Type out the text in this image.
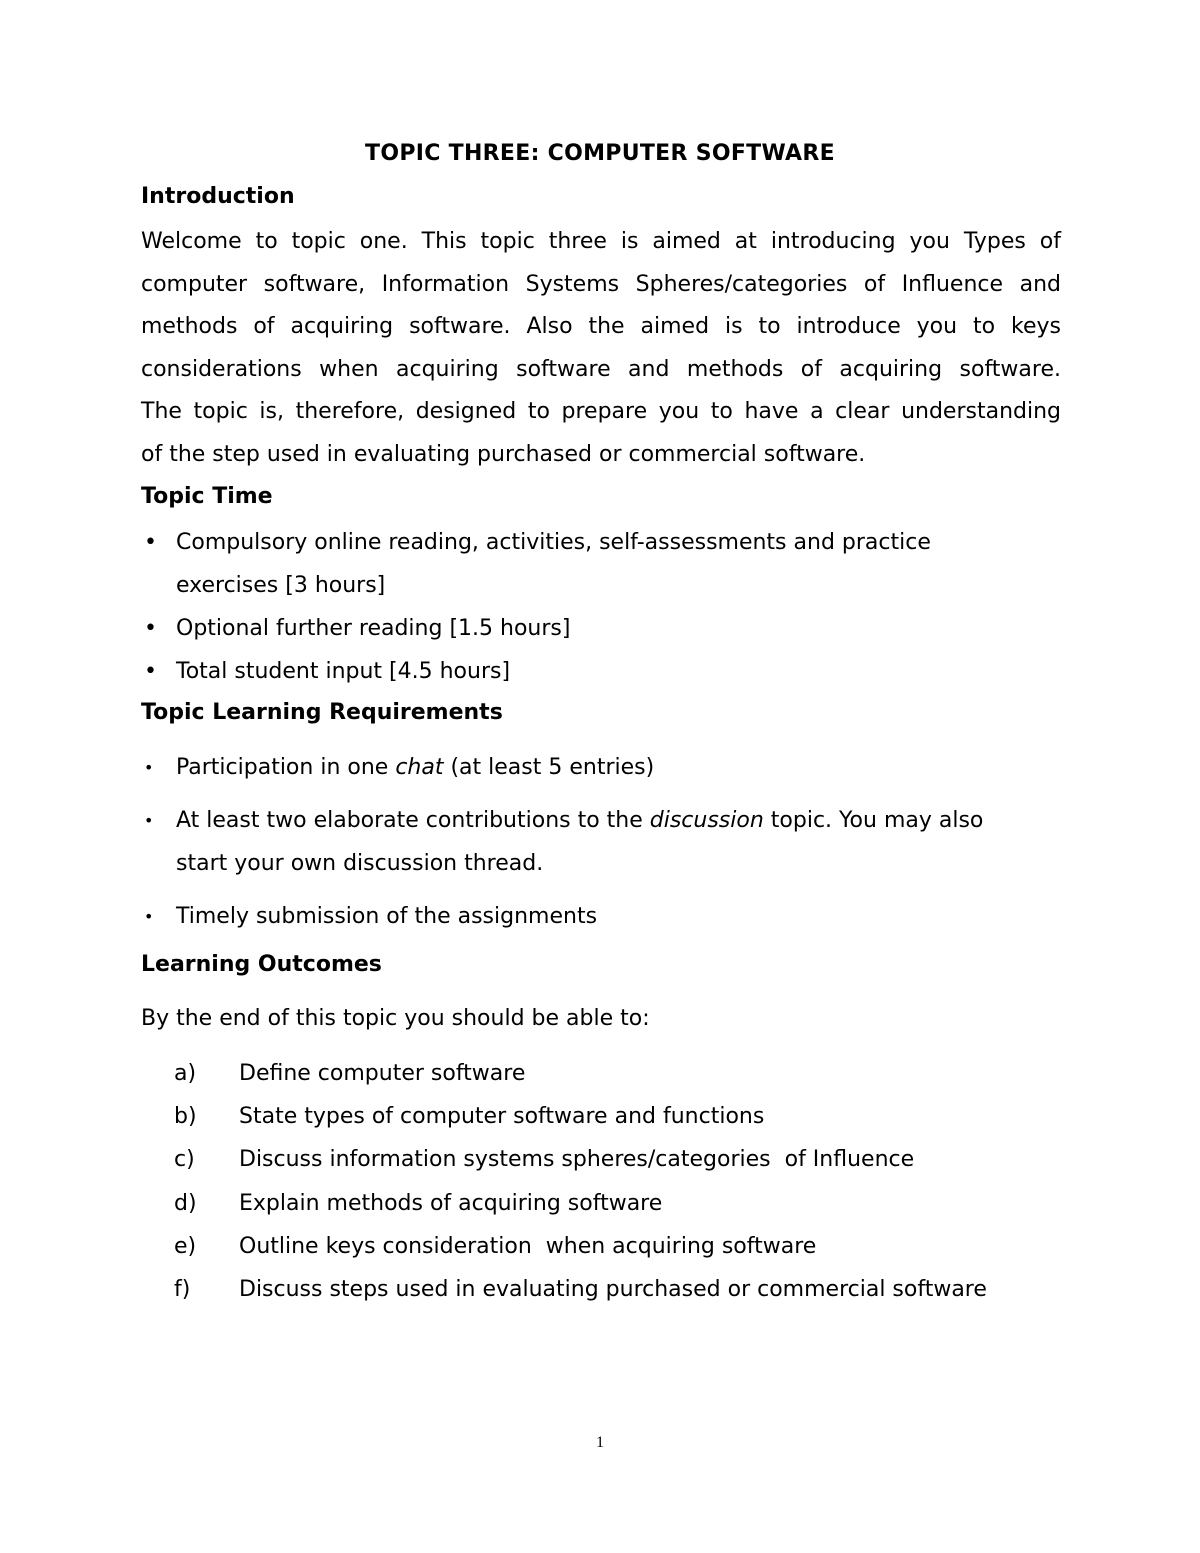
TOPIC THREE: COMPUTER SOFTWARE
Introduction
Welcome to topic one. This topic three is aimed at introducing you Types of
computer software, Information Systems Spheres/categories of Influence and
methods of acquiring software. Also the aimed is to introduce you to keys
considerations when acquiring software and methods of acquiring software.
The topic is, therefore, designed to prepare you to have a clear understanding
of the step used in evaluating purchased or commercial software.
Topic Time
• Compulsory online reading, activities, self-assessments and practice
exercises [3 hours]
• Optional further reading [1.5 hours]
• Total student input [4.5 hours]
Topic Learning Requirements
•	Participation in one chat (at least 5 entries)
•	At least two elaborate contributions to the discussion topic. You may also
start your own discussion thread.
•	Timely submission of the assignments
Learning Outcomes
By the end of this topic you should be able to:
a) Define computer software
b) State types of computer software and functions
c) Discuss information systems spheres/categories  of Influence
d) Explain methods of acquiring software
e) Outline keys consideration  when acquiring software
f) Discuss steps used in evaluating purchased or commercial software
1
